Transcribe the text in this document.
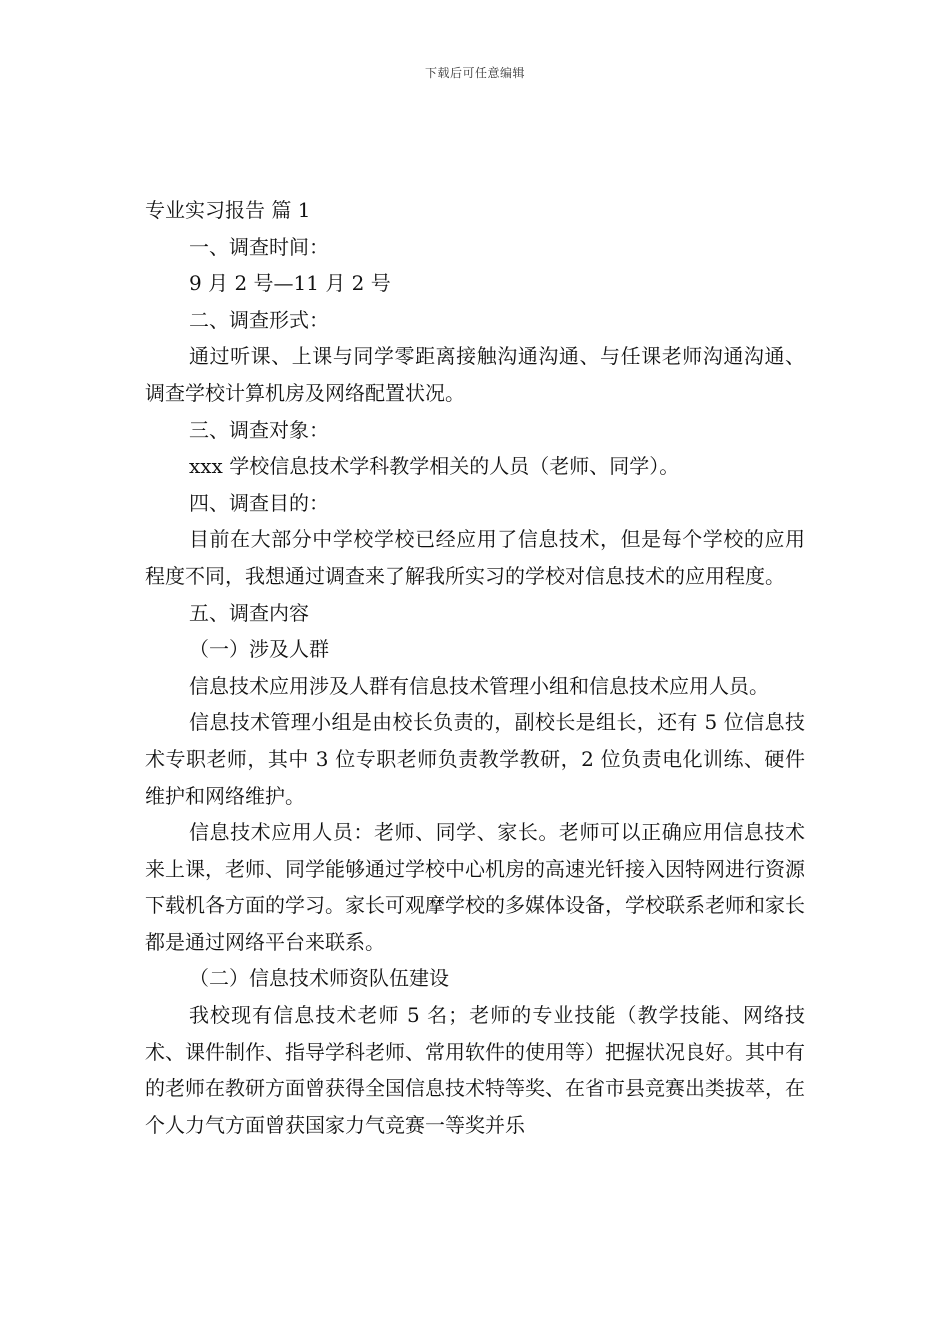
下载后可任意编辑
专业实习报告 篇 1
一、调查时间：
9 月 2 号—11 月 2 号
二、调查形式：
通过听课、上课与同学零距离接触沟通沟通、与任课老师沟通沟通、调查学校计算机房及网络配置状况。
三、调查对象：
xxx 学校信息技术学科教学相关的人员（老师、同学）。
四、调查目的：
目前在大部分中学校学校已经应用了信息技术，但是每个学校的应用程度不同，我想通过调查来了解我所实习的学校对信息技术的应用程度。
五、调查内容
（一）涉及人群
信息技术应用涉及人群有信息技术管理小组和信息技术应用人员。
信息技术管理小组是由校长负责的，副校长是组长，还有 5 位信息技术专职老师，其中 3 位专职老师负责教学教研，2 位负责电化训练、硬件维护和网络维护。
信息技术应用人员：老师、同学、家长。老师可以正确应用信息技术来上课，老师、同学能够通过学校中心机房的高速光钎接入因特网进行资源下载机各方面的学习。家长可观摩学校的多媒体设备，学校联系老师和家长都是通过网络平台来联系。
（二）信息技术师资队伍建设
我校现有信息技术老师 5 名；老师的专业技能（教学技能、网络技术、课件制作、指导学科老师、常用软件的使用等）把握状况良好。其中有的老师在教研方面曾获得全国信息技术特等奖、在省市县竞赛出类拔萃，在个人力气方面曾获国家力气竞赛一等奖并乐
